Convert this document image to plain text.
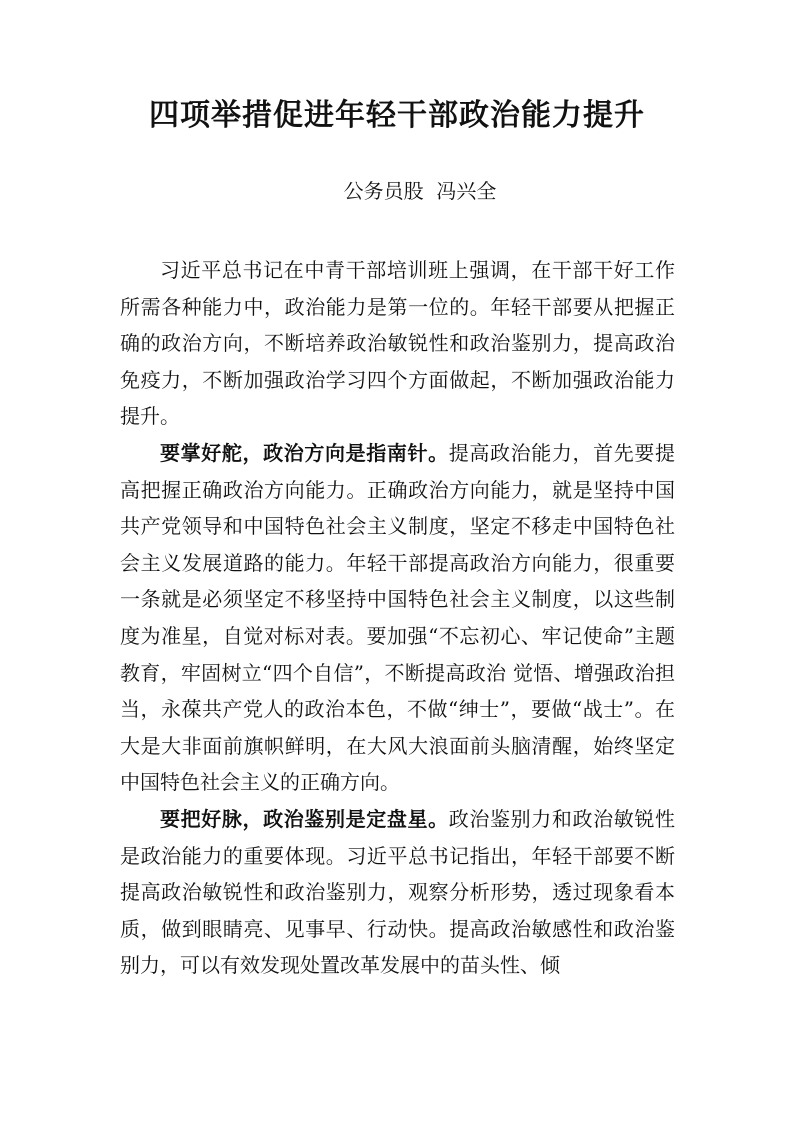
四项举措促进年轻干部政治能力提升

公务员股  冯兴全

习近平总书记在中青干部培训班上强调，在干部干好工作所需各种能力中，政治能力是第一位的。年轻干部要从把握正确的政治方向，不断培养政治敏锐性和政治鉴别力，提高政治免疫力，不断加强政治学习四个方面做起，不断加强政治能力提升。

要掌好舵，政治方向是指南针。提高政治能力，首先要提高把握正确政治方向能力。正确政治方向能力，就是坚持中国共产党领导和中国特色社会主义制度，坚定不移走中国特色社会主义发展道路的能力。年轻干部提高政治方向能力，很重要一条就是必须坚定不移坚持中国特色社会主义制度，以这些制度为准星，自觉对标对表。要加强“不忘初心、牢记使命”主题教育，牢固树立“四个自信”，不断提高政治 觉悟、增强政治担当，永葆共产党人的政治本色，不做“绅士”，要做“战士”。在大是大非面前旗帜鲜明，在大风大浪面前头脑清醒，始终坚定中国特色社会主义的正确方向。

要把好脉，政治鉴别是定盘星。政治鉴别力和政治敏锐性是政治能力的重要体现。习近平总书记指出，年轻干部要不断提高政治敏锐性和政治鉴别力，观察分析形势，透过现象看本质，做到眼睛亮、见事早、行动快。提高政治敏感性和政治鉴别力，可以有效发现处置改革发展中的苗头性、倾
